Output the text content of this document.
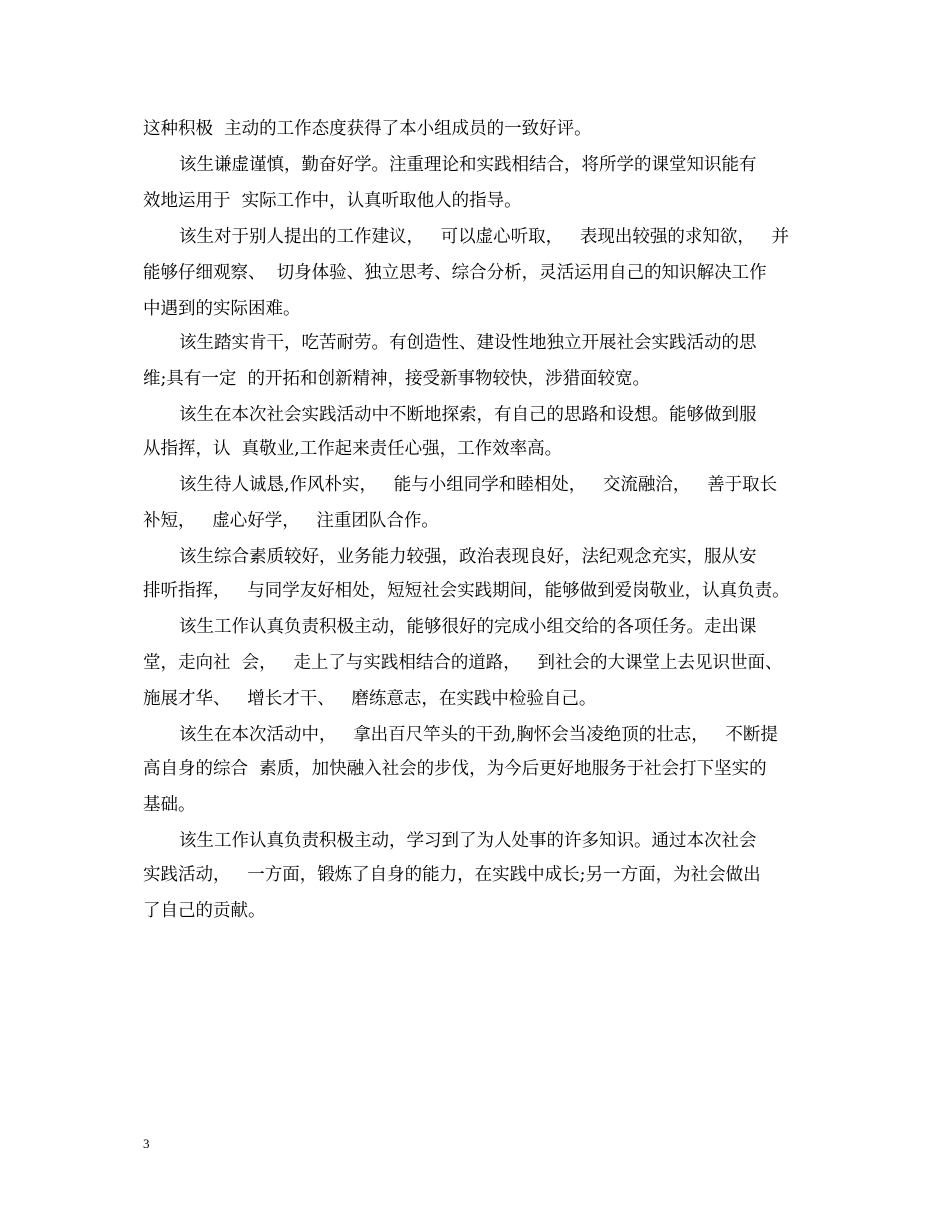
这种积极  主动的工作态度获得了本小组成员的一致好评。
该生谦虚谨慎，勤奋好学。注重理论和实践相结合，将所学的课堂知识能有
效地运用于  实际工作中，认真听取他人的指导。
该生对于别人提出的工作建议，   可以虚心听取，   表现出较强的求知欲，   并
能够仔细观察、  切身体验、独立思考、综合分析，灵活运用自己的知识解决工作
中遇到的实际困难。
该生踏实肯干，吃苦耐劳。有创造性、建设性地独立开展社会实践活动的思
维;具有一定  的开拓和创新精神，接受新事物较快，涉猎面较宽。
该生在本次社会实践活动中不断地探索，有自己的思路和设想。能够做到服
从指挥，认  真敬业,工作起来责任心强，工作效率高。
该生待人诚恳,作风朴实，   能与小组同学和睦相处，   交流融洽，   善于取长
补短，   虚心好学，   注重团队合作。
该生综合素质较好，业务能力较强，政治表现良好，法纪观念充实，服从安
排听指挥，   与同学友好相处，短短社会实践期间，能够做到爱岗敬业，认真负责。
该生工作认真负责积极主动，能够很好的完成小组交给的各项任务。走出课
堂，走向社  会，   走上了与实践相结合的道路，   到社会的大课堂上去见识世面、
施展才华、   增长才干、   磨练意志，在实践中检验自己。
该生在本次活动中，   拿出百尺竿头的干劲,胸怀会当凌绝顶的壮志，   不断提
高自身的综合  素质，加快融入社会的步伐，为今后更好地服务于社会打下坚实的
基础。
该生工作认真负责积极主动，学习到了为人处事的许多知识。通过本次社会
实践活动，   一方面，锻炼了自身的能力，在实践中成长;另一方面，为社会做出
了自己的贡献。
3
